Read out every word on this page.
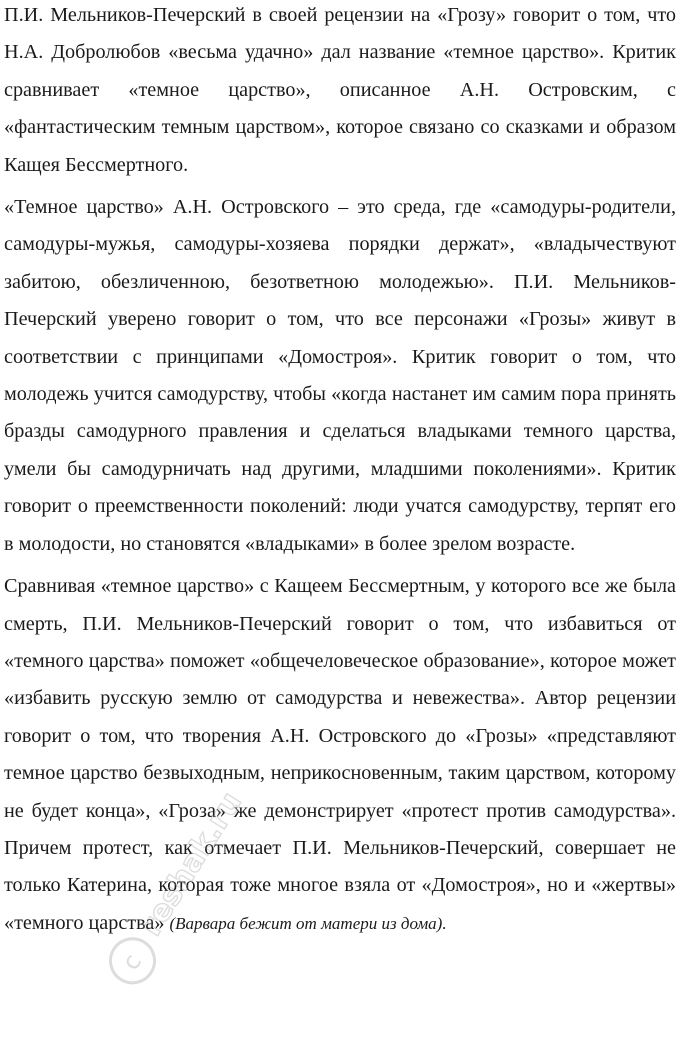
П.И. Мельников-Печерский в своей рецензии на «Грозу» говорит о том, что Н.А. Добролюбов «весьма удачно» дал название «темное царство». Критик сравнивает «темное царство», описанное А.Н. Островским, с «фантастическим темным царством», которое связано со сказками и образом Кащея Бессмертного.

«Темное царство» А.Н. Островского – это среда, где «самодуры-родители, самодуры-мужья, самодуры-хозяева порядки держат», «владычествуют забитою, обезличенною, безответною молодежью». П.И. Мельников-Печерский уверено говорит о том, что все персонажи «Грозы» живут в соответствии с принципами «Домостроя». Критик говорит о том, что молодежь учится самодурству, чтобы «когда настанет им самим пора принять бразды самодурного правления и сделаться владыками темного царства, умели бы самодурничать над другими, младшими поколениями». Критик говорит о преемственности поколений: люди учатся самодурству, терпят его в молодости, но становятся «владыками» в более зрелом возрасте.

Сравнивая «темное царство» с Кащеем Бессмертным, у которого все же была смерть, П.И. Мельников-Печерский говорит о том, что избавиться от «темного царства» поможет «общечеловеческое образование», которое может «избавить русскую землю от самодурства и невежества». Автор рецензии говорит о том, что творения А.Н. Островского до «Грозы» «представляют темное царство безвыходным, неприкосновенным, таким царством, которому не будет конца», «Гроза» же демонстрирует «протест против самодурства». Причем протест, как отмечает П.И. Мельников-Печерский, совершает не только Катерина, которая тоже многое взяла от «Домостроя», но и «жертвы» «темного царства» (Варвара бежит от матери из дома).

c
reshak.ru
